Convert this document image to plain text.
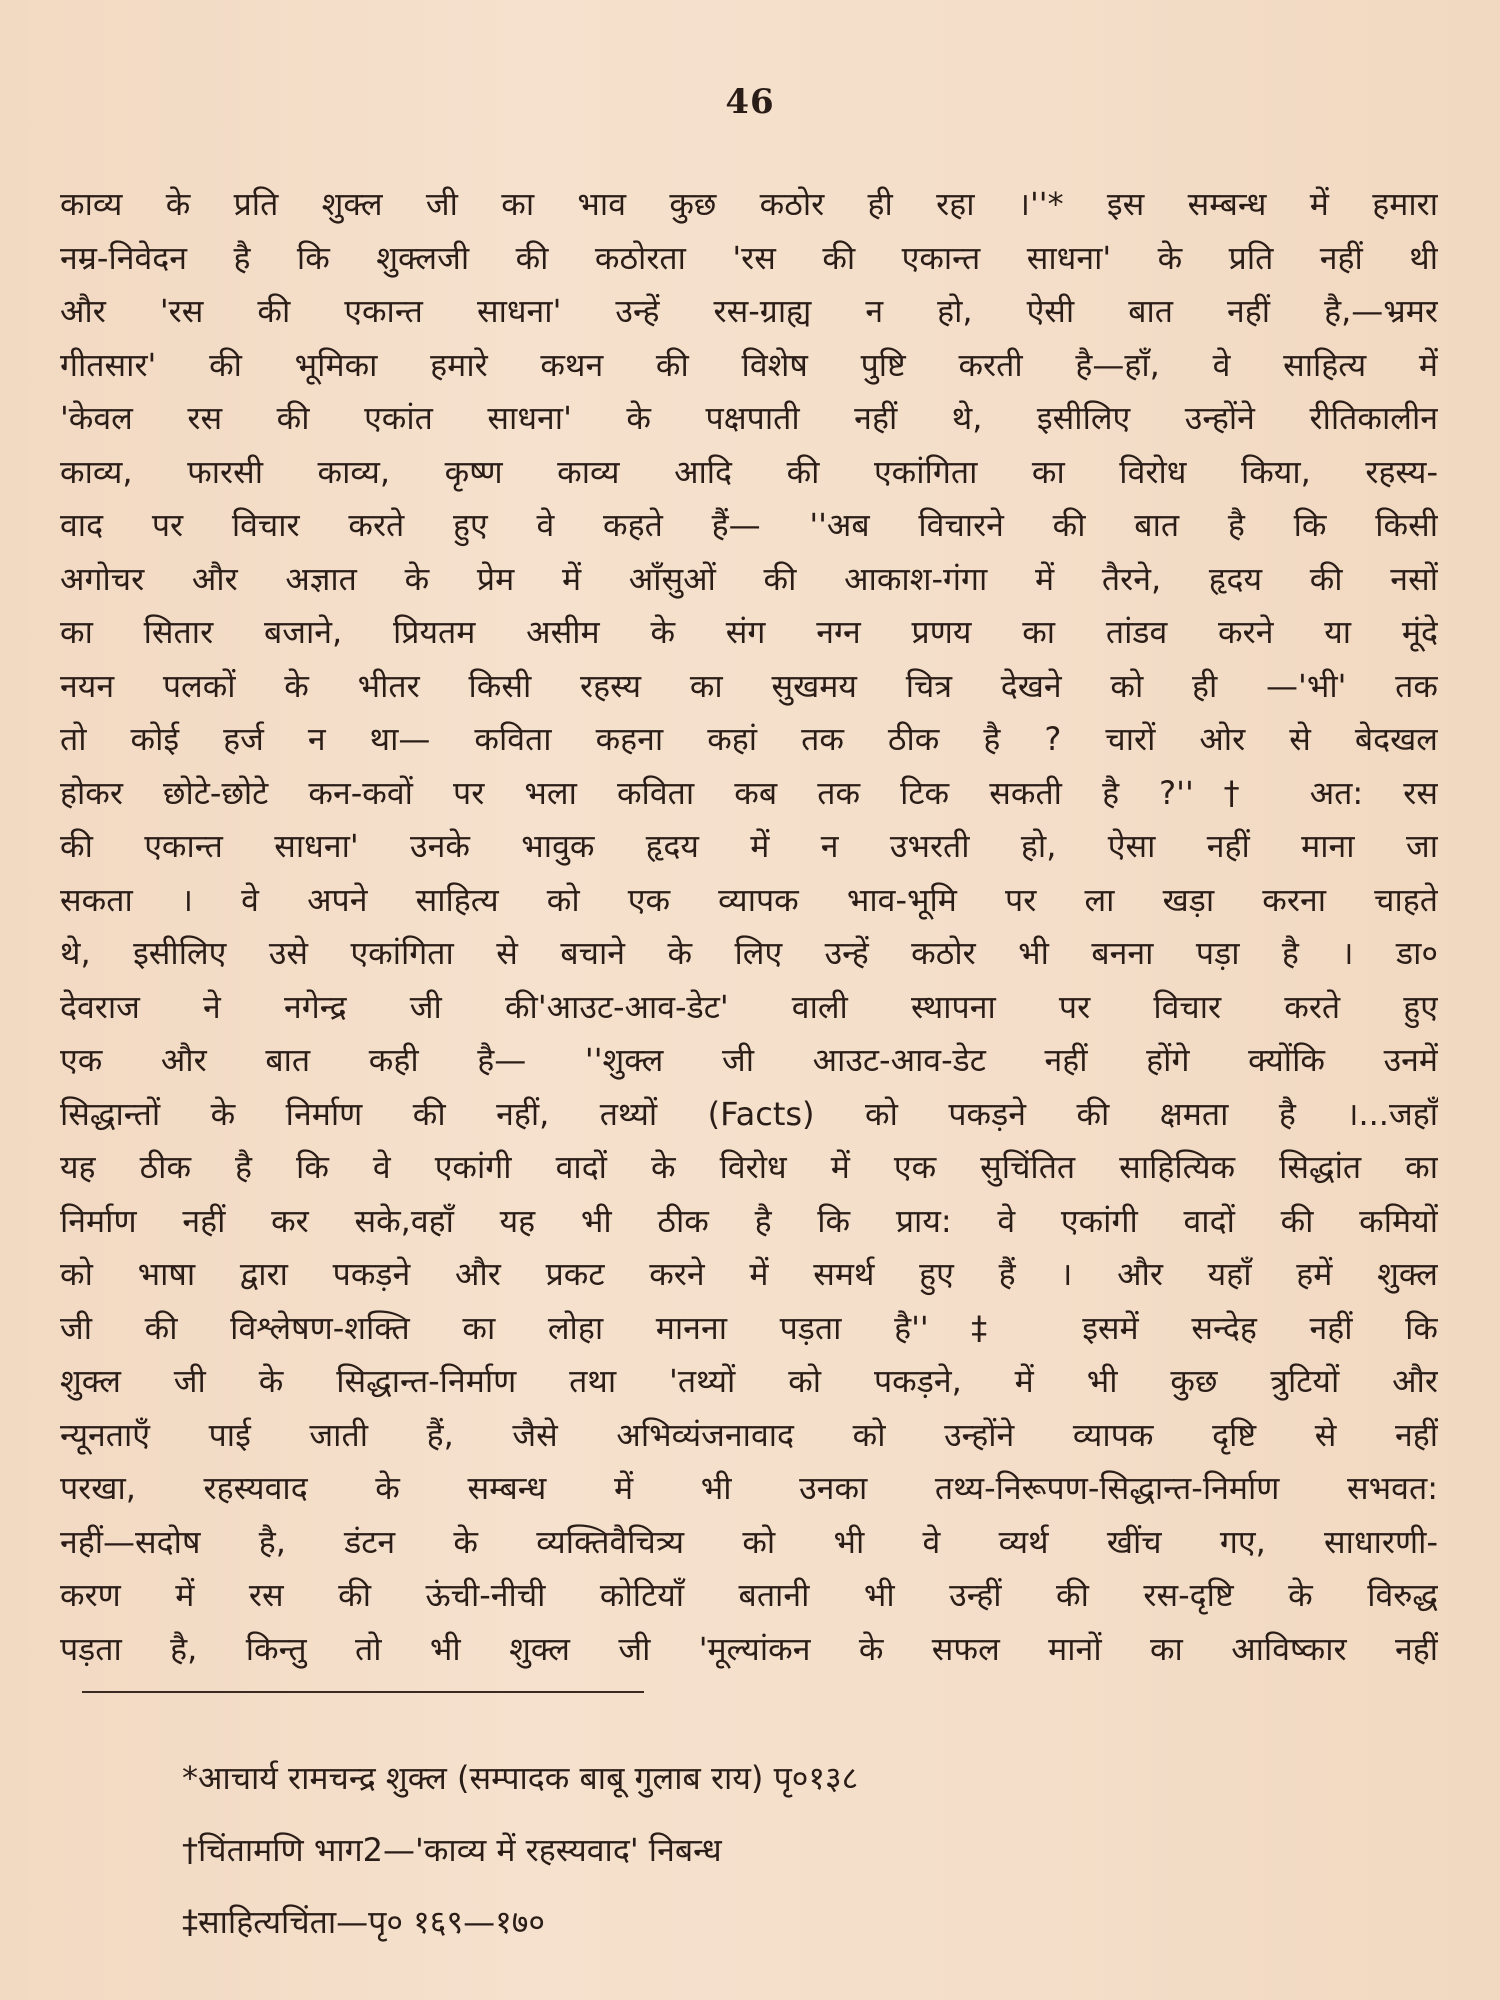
46
काव्य के प्रति शुक्ल जी का भाव कुछ कठोर ही रहा ।''* इस सम्बन्ध में हमारा
नम्र-निवेदन है कि शुक्लजी की कठोरता 'रस की एकान्त साधना' के प्रति नहीं थी
और 'रस की एकान्त साधना' उन्हें रस-ग्राह्य न हो, ऐसी बात नहीं है,—भ्रमर
गीतसार' की भूमिका हमारे कथन की विशेष पुष्टि करती है—हाँ, वे साहित्य में
'केवल रस की एकांत साधना' के पक्षपाती नहीं थे, इसीलिए उन्होंने रीतिकालीन
काव्य, फारसी काव्य, कृष्ण काव्य आदि की एकांगिता का विरोध किया, रहस्य-
वाद पर विचार करते हुए वे कहते हैं— ''अब विचारने की बात है कि किसी
अगोचर और अज्ञात के प्रेम में आँसुओं की आकाश-गंगा में तैरने, हृदय की नसों
का सितार बजाने, प्रियतम असीम के संग नग्न प्रणय का तांडव करने या मूंदे
नयन पलकों के भीतर किसी रहस्य का सुखमय चित्र देखने को ही —'भी' तक
तो कोई हर्ज न था— कविता कहना कहां तक ठीक है ? चारों ओर से बेदखल
होकर छोटे-छोटे कन-कवों पर भला कविता कब तक टिक सकती है ?''† अत: रस
की एकान्त साधना' उनके भावुक हृदय में न उभरती हो, ऐसा नहीं माना जा
सकता । वे अपने साहित्य को एक व्यापक भाव-भूमि पर ला खड़ा करना चाहते
थे, इसीलिए उसे एकांगिता से बचाने के लिए उन्हें कठोर भी बनना पड़ा है । डा०
देवराज ने नगेन्द्र जी की'आउट-आव-डेट' वाली स्थापना पर विचार करते हुए
एक और बात कही है— ''शुक्ल जी आउट-आव-डेट नहीं होंगे क्योंकि उनमें
सिद्धान्तों के निर्माण की नहीं, तथ्यों (Facts) को पकड़ने की क्षमता है ।...जहाँ
यह ठीक है कि वे एकांगी वादों के विरोध में एक सुचिंतित साहित्यिक सिद्धांत का
निर्माण नहीं कर सके,वहाँ यह भी ठीक है कि प्राय: वे एकांगी वादों की कमियों
को भाषा द्वारा पकड़ने और प्रकट करने में समर्थ हुए हैं । और यहाँ हमें शुक्ल
जी की विश्लेषण-शक्ति का लोहा मानना पड़ता है''‡ इसमें सन्देह नहीं कि
शुक्ल जी के सिद्धान्त-निर्माण तथा 'तथ्यों को पकड़ने, में भी कुछ त्रुटियों और
न्यूनताएँ पाई जाती हैं, जैसे अभिव्यंजनावाद को उन्होंने व्यापक दृष्टि से नहीं
परखा, रहस्यवाद के सम्बन्ध में भी उनका तथ्य-निरूपण-सिद्धान्त-निर्माण सभवत:
नहीं—सदोष है, डंटन के व्यक्तिवैचित्र्य को भी वे व्यर्थ खींच गए, साधारणी-
करण में रस की ऊंची-नीची कोटियाँ बतानी भी उन्हीं की रस-दृष्टि के विरुद्ध
पड़ता है, किन्तु तो भी शुक्ल जी 'मूल्यांकन के सफल मानों का आविष्कार नहीं
*आचार्य रामचन्द्र शुक्ल (सम्पादक बाबू गुलाब राय) पृ०१३८
†चिंतामणि भाग2—'काव्य में रहस्यवाद' निबन्ध
‡साहित्यचिंता—पृ० १६९—१७०
